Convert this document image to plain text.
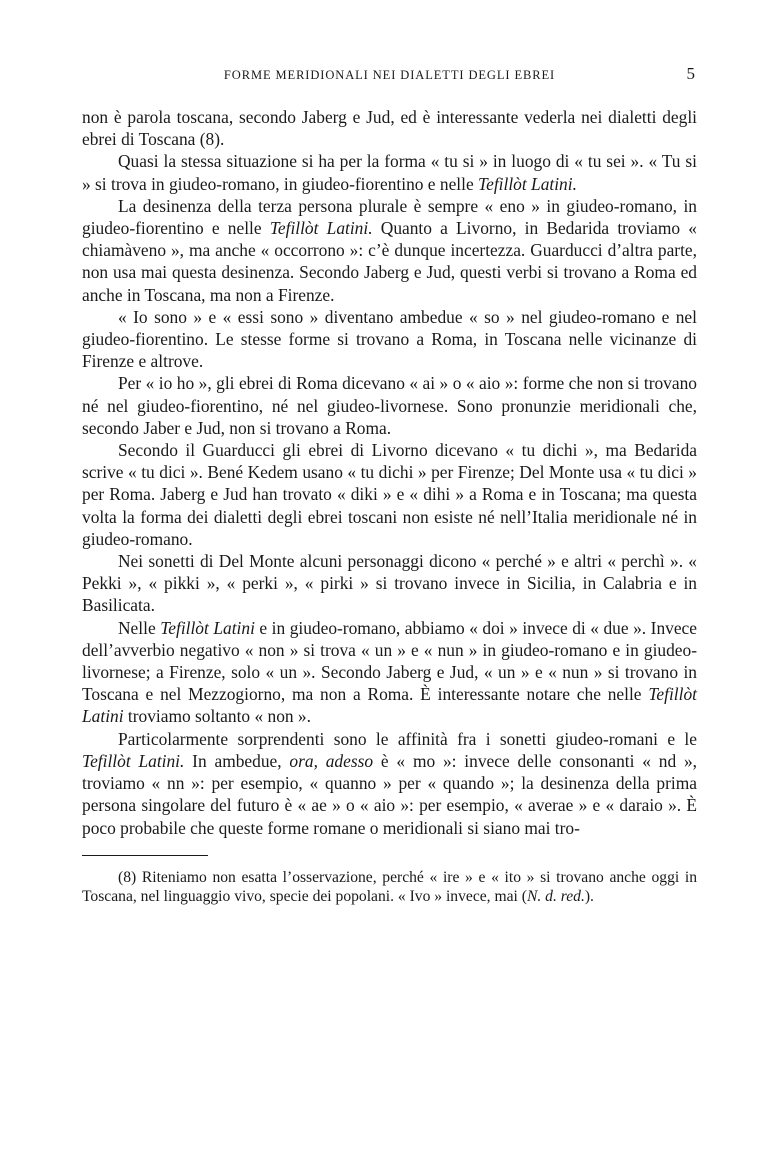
FORME MERIDIONALI NEI DIALETTI DEGLI EBREI	5

non è parola toscana, secondo Jaberg e Jud, ed è interessante vederla nei dialetti degli ebrei di Toscana (8).

Quasi la stessa situazione si ha per la forma « tu si » in luogo di « tu sei ». « Tu si » si trova in giudeo-romano, in giudeo-fiorentino e nelle Tefillòt Latini.

La desinenza della terza persona plurale è sempre « eno » in giudeo-romano, in giudeo-fiorentino e nelle Tefillòt Latini. Quanto a Livorno, in Bedarida troviamo « chiamàveno », ma anche « occorrono »: c’è dunque incertezza. Guarducci d’altra parte, non usa mai questa desinenza. Secondo Jaberg e Jud, questi verbi si trovano a Roma ed anche in Toscana, ma non a Firenze.

« Io sono » e « essi sono » diventano ambedue « so » nel giudeo-romano e nel giudeo-fiorentino. Le stesse forme si trovano a Roma, in Toscana nelle vicinanze di Firenze e altrove.

Per « io ho », gli ebrei di Roma dicevano « ai » o « aio »: forme che non si trovano né nel giudeo-fiorentino, né nel giudeo-livornese. Sono pronunzie meridionali che, secondo Jaber e Jud, non si trovano a Roma.

Secondo il Guarducci gli ebrei di Livorno dicevano « tu dichi », ma Bedarida scrive « tu dici ». Bené Kedem usano « tu dichi » per Firenze; Del Monte usa « tu dici » per Roma. Jaberg e Jud han trovato « diki » e « dihi » a Roma e in Toscana; ma questa volta la forma dei dialetti degli ebrei toscani non esiste né nell’Italia meridionale né in giudeo-romano.

Nei sonetti di Del Monte alcuni personaggi dicono « perché » e altri « perchì ». « Pekki », « pikki », « perki », « pirki » si trovano invece in Sicilia, in Calabria e in Basilicata.

Nelle Tefillòt Latini e in giudeo-romano, abbiamo « doi » invece di « due ». Invece dell’avverbio negativo « non » si trova « un » e « nun » in giudeo-romano e in giudeo-livornese; a Firenze, solo « un ». Secondo Jaberg e Jud, « un » e « nun » si trovano in Toscana e nel Mezzogiorno, ma non a Roma. È interessante notare che nelle Tefillòt Latini troviamo soltanto « non ».

Particolarmente sorprendenti sono le affinità fra i sonetti giudeo-romani e le Tefillòt Latini. In ambedue, ora, adesso è « mo »: invece delle consonanti « nd », troviamo « nn »: per esempio, « quanno » per « quando »; la desinenza della prima persona singolare del futuro è « ae » o « aio »: per esempio, « averae » e « daraio ». È poco probabile che queste forme romane o meridionali si siano mai tro-

(8) Riteniamo non esatta l’osservazione, perché « ire » e « ito » si trovano anche oggi in Toscana, nel linguaggio vivo, specie dei popolani. « Ivo » invece, mai (N. d. red.).
